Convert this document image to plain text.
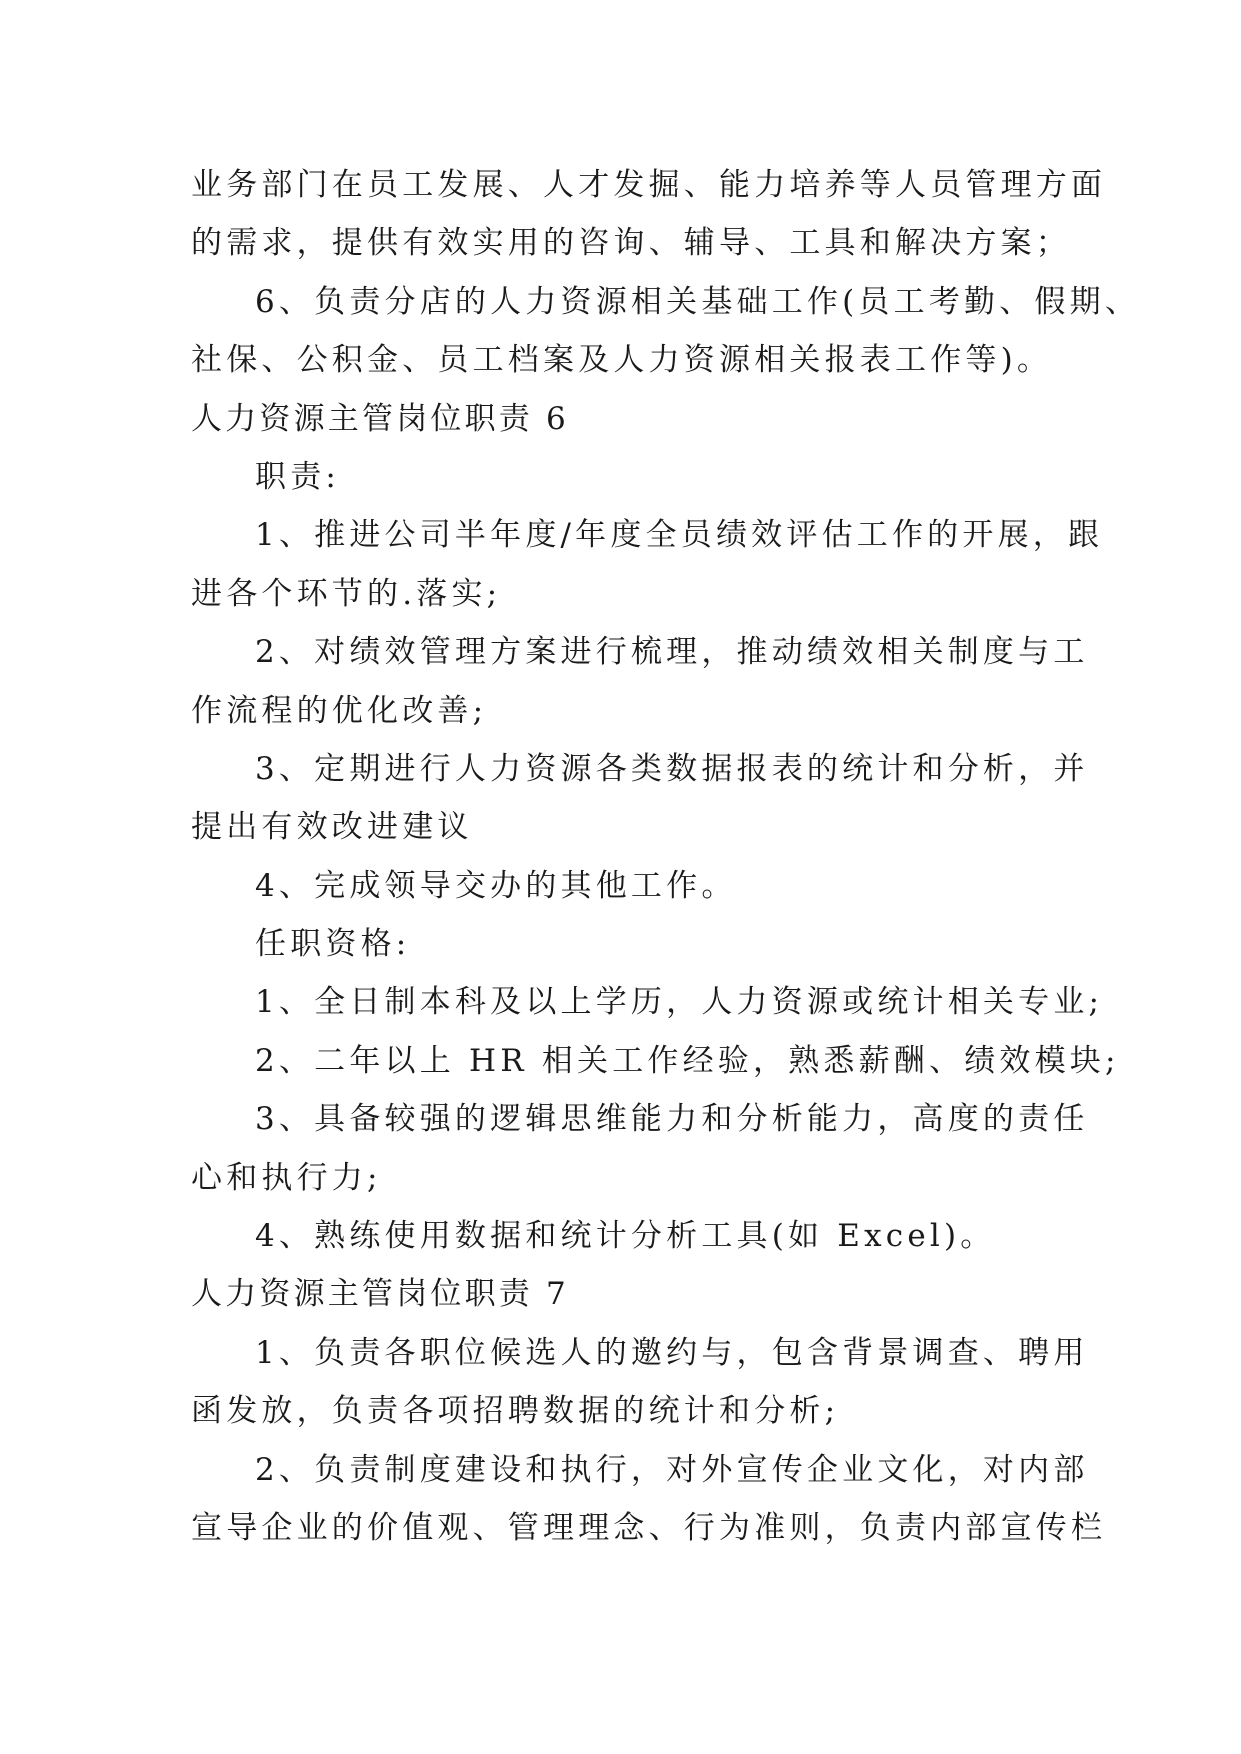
业务部门在员工发展、人才发掘、能力培养等人员管理方面
的需求，提供有效实用的咨询、辅导、工具和解决方案；
6、负责分店的人力资源相关基础工作(员工考勤、假期、
社保、公积金、员工档案及人力资源相关报表工作等)。
人力资源主管岗位职责 6
职责:
1、推进公司半年度/年度全员绩效评估工作的开展，跟
进各个环节的.落实;
2、对绩效管理方案进行梳理，推动绩效相关制度与工
作流程的优化改善;
3、定期进行人力资源各类数据报表的统计和分析，并
提出有效改进建议
4、完成领导交办的其他工作。
任职资格:
1、全日制本科及以上学历，人力资源或统计相关专业;
2、二年以上 HR 相关工作经验，熟悉薪酬、绩效模块;
3、具备较强的逻辑思维能力和分析能力，高度的责任
心和执行力;
4、熟练使用数据和统计分析工具(如 Excel)。
人力资源主管岗位职责 7
1、负责各职位候选人的邀约与，包含背景调查、聘用
函发放，负责各项招聘数据的统计和分析;
2、负责制度建设和执行，对外宣传企业文化，对内部
宣导企业的价值观、管理理念、行为准则，负责内部宣传栏
